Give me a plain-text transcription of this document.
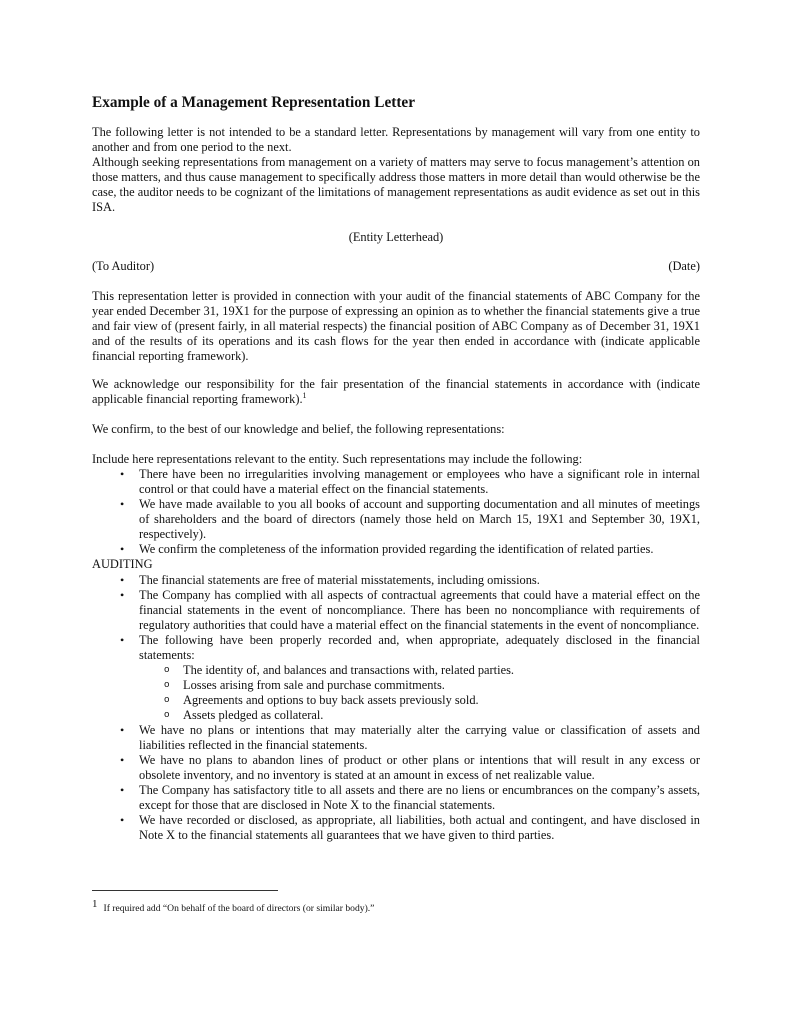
Example of a Management Representation Letter
The following letter is not intended to be a standard letter. Representations by management will vary from one entity to another and from one period to the next.
Although seeking representations from management on a variety of matters may serve to focus management’s attention on those matters, and thus cause management to specifically address those matters in more detail than would otherwise be the case, the auditor needs to be cognizant of the limitations of management representations as audit evidence as set out in this ISA.
(Entity Letterhead)
(To Auditor)	(Date)
This representation letter is provided in connection with your audit of the financial statements of ABC Company for the year ended December 31, 19X1 for the purpose of expressing an opinion as to whether the financial statements give a true and fair view of (present fairly, in all material respects) the financial position of ABC Company as of December 31, 19X1 and of the results of its operations and its cash flows for the year then ended in accordance with (indicate applicable financial reporting framework).
We acknowledge our responsibility for the fair presentation of the financial statements in accordance with (indicate applicable financial reporting framework).$^1$
We confirm, to the best of our knowledge and belief, the following representations:
Include here representations relevant to the entity. Such representations may include the following:
• There have been no irregularities involving management or employees who have a significant role in internal control or that could have a material effect on the financial statements.
• We have made available to you all books of account and supporting documentation and all minutes of meetings of shareholders and the board of directors (namely those held on March 15, 19X1 and September 30, 19X1, respectively).
• We confirm the completeness of the information provided regarding the identification of related parties.
AUDITING
• The financial statements are free of material misstatements, including omissions.
• The Company has complied with all aspects of contractual agreements that could have a material effect on the financial statements in the event of noncompliance. There has been no noncompliance with requirements of regulatory authorities that could have a material effect on the financial statements in the event of noncompliance.
• The following have been properly recorded and, when appropriate, adequately disclosed in the financial statements:
o The identity of, and balances and transactions with, related parties.
o Losses arising from sale and purchase commitments.
o Agreements and options to buy back assets previously sold.
o Assets pledged as collateral.
• We have no plans or intentions that may materially alter the carrying value or classification of assets and liabilities reflected in the financial statements.
• We have no plans to abandon lines of product or other plans or intentions that will result in any excess or obsolete inventory, and no inventory is stated at an amount in excess of net realizable value.
• The Company has satisfactory title to all assets and there are no liens or encumbrances on the company’s assets, except for those that are disclosed in Note X to the financial statements.
• We have recorded or disclosed, as appropriate, all liabilities, both actual and contingent, and have disclosed in Note X to the financial statements all guarantees that we have given to third parties.
1 If required add “On behalf of the board of directors (or similar body).”
